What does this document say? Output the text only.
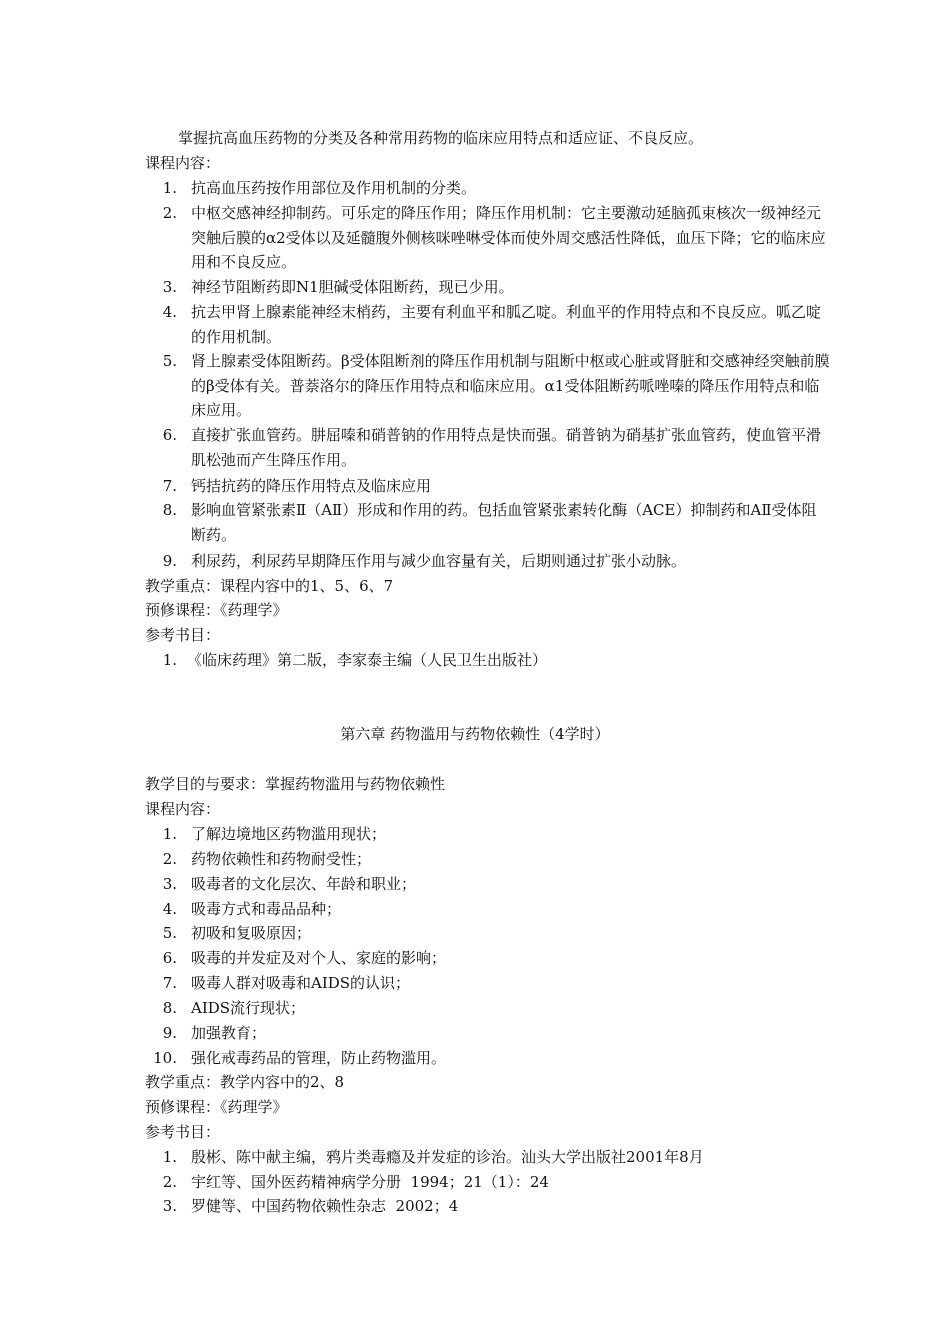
掌握抗高血压药物的分类及各种常用药物的临床应用特点和适应证、不良反应。
课程内容：
1. 抗高血压药按作用部位及作用机制的分类。
2. 中枢交感神经抑制药。可乐定的降压作用；降压作用机制：它主要激动延脑孤束核次一级神经元突触后膜的α2受体以及延髓腹外侧核咪唑啉受体而使外周交感活性降低，血压下降；它的临床应用和不良反应。
3. 神经节阻断药即N1胆碱受体阻断药，现已少用。
4. 抗去甲肾上腺素能神经末梢药，主要有利血平和胍乙啶。利血平的作用特点和不良反应。呱乙啶的作用机制。
5. 肾上腺素受体阻断药。β受体阻断剂的降压作用机制与阻断中枢或心脏或肾脏和交感神经突触前膜的β受体有关。普萘洛尔的降压作用特点和临床应用。α1受体阻断药哌唑嗪的降压作用特点和临床应用。
6. 直接扩张血管药。肼屈嗪和硝普钠的作用特点是快而强。硝普钠为硝基扩张血管药，使血管平滑肌松弛而产生降压作用。
7. 钙拮抗药的降压作用特点及临床应用
8. 影响血管紧张素Ⅱ（AⅡ）形成和作用的药。包括血管紧张素转化酶（ACE）抑制药和AⅡ受体阻断药。
9. 利尿药，利尿药早期降压作用与减少血容量有关，后期则通过扩张小动脉。
教学重点：课程内容中的1、5、6、7
预修课程：《药理学》
参考书目：
1. 《临床药理》第二版，李家泰主编（人民卫生出版社）
第六章 药物滥用与药物依赖性（4学时）
教学目的与要求：掌握药物滥用与药物依赖性
课程内容：
1. 了解边境地区药物滥用现状；
2. 药物依赖性和药物耐受性；
3. 吸毒者的文化层次、年龄和职业；
4. 吸毒方式和毒品品种；
5. 初吸和复吸原因；
6. 吸毒的并发症及对个人、家庭的影响；
7. 吸毒人群对吸毒和AIDS的认识；
8. AIDS流行现状；
9. 加强教育；
10. 强化戒毒药品的管理，防止药物滥用。
教学重点：教学内容中的2、8
预修课程：《药理学》
参考书目：
1. 殷彬、陈中献主编，鸦片类毒瘾及并发症的诊治。汕头大学出版社2001年8月
2. 宇红等、国外医药精神病学分册  1994；21（1）：24
3. 罗健等、中国药物依赖性杂志  2002；4
